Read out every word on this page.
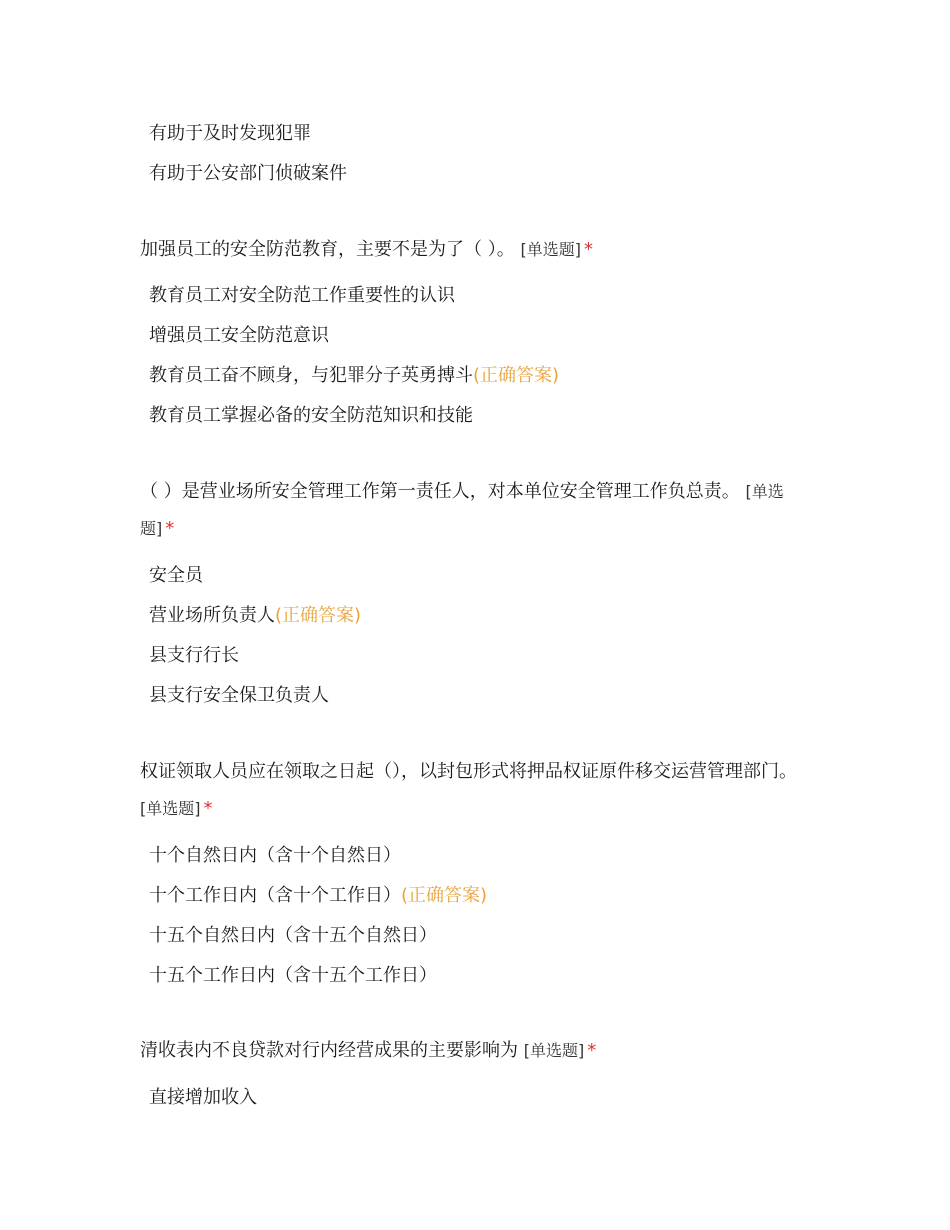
有助于及时发现犯罪
有助于公安部门侦破案件
加强员工的安全防范教育，主要不是为了（ ）。 [单选题] *
教育员工对安全防范工作重要性的认识
增强员工安全防范意识
教育员工奋不顾身，与犯罪分子英勇搏斗(正确答案)
教育员工掌握必备的安全防范知识和技能
（ ）是营业场所安全管理工作第一责任人，对本单位安全管理工作负总责。 [单选题] *
安全员
营业场所负责人(正确答案)
县支行行长
县支行安全保卫负责人
权证领取人员应在领取之日起（），以封包形式将押品权证原件移交运营管理部门。 [单选题] *
十个自然日内（含十个自然日）
十个工作日内（含十个工作日）(正确答案)
十五个自然日内（含十五个自然日）
十五个工作日内（含十五个工作日）
清收表内不良贷款对行内经营成果的主要影响为 [单选题] *
直接增加收入
